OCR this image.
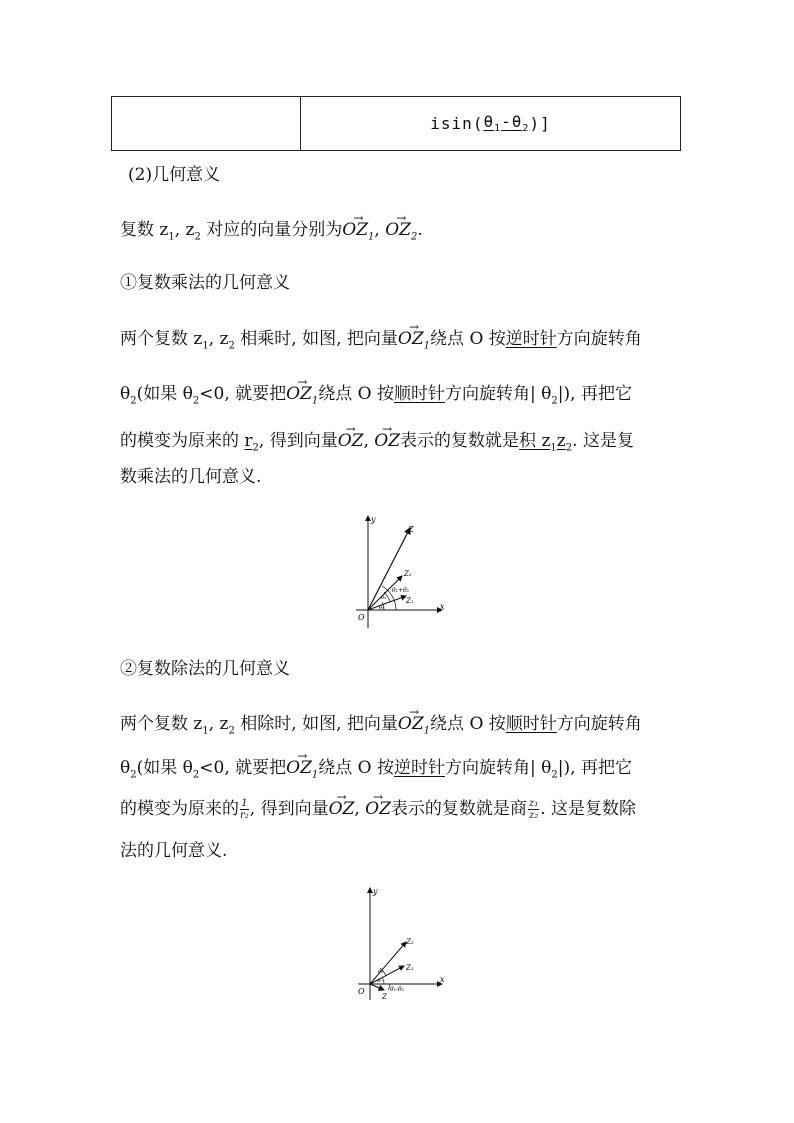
isin( $\theta_1-\theta_2$ )]
(2)几何意义
复数 $z_1$, $z_2$ 对应的向量分别为→ $OZ_1$, → $OZ_2$.
①复数乘法的几何意义
两个复数 $z_1$, $z_2$ 相乘时, 如图, 把向量→ $OZ_1$绕点 O 按逆时针方向旋转角
$\theta_2$(如果 $\theta_2<0$, 就要把→ $OZ_1$绕点 O 按顺时针方向旋转角| $\theta_2|$), 再把它
的模变为原来的 $r_2$, 得到向量→ OZ, → OZ表示的复数就是积 $z_1z_2$. 这是复
数乘法的几何意义.
x
y
O
Z
Z₂
Z₁
θ₁+θ₂
θ₁
θ₂
②复数除法的几何意义
两个复数 $z_1$, $z_2$ 相除时, 如图, 把向量→ $OZ_1$绕点 O 按顺时针方向旋转角
$\theta_2$(如果 $\theta_2<0$, 就要把→ $OZ_1$绕点 O 按逆时针方向旋转角| $\theta_2|$), 再把它
的模变为原来的 $\frac{1}{\text{r₂}}$ , 得到向量→ OZ, → OZ表示的复数就是商 $\frac{\text{z₁}}{\text{z₂}}$ . 这是复数除
法的几何意义.
x
y
O
Z
Z₂
Z₁
θ₁-θ₂
θ₁
θ₂
